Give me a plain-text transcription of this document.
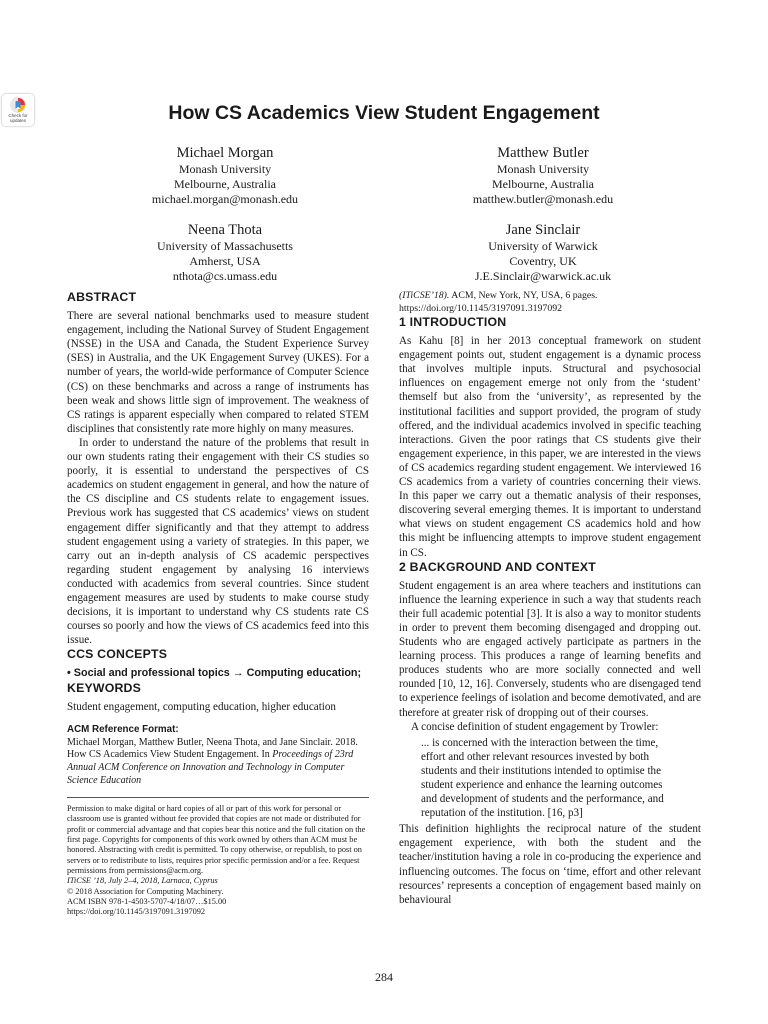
Check for updates	How CS Academics View Student Engagement
Michael Morgan
Monash University
Melbourne, Australia
michael.morgan@monash.edu
Matthew Butler
Monash University
Melbourne, Australia
matthew.butler@monash.edu
Neena Thota
University of Massachusetts
Amherst, USA
nthota@cs.umass.edu
Jane Sinclair
University of Warwick
Coventry, UK
J.E.Sinclair@warwick.ac.uk
ABSTRACT

There are several national benchmarks used to measure student engagement, including the National Survey of Student Engagement (NSSE) in the USA and Canada, the Student Experience Survey (SES) in Australia, and the UK Engagement Survey (UKES). For a number of years, the world-wide performance of Computer Science (CS) on these benchmarks and across a range of instruments has been weak and shows little sign of improvement. The weakness of CS ratings is apparent especially when compared to related STEM disciplines that consistently rate more highly on many measures.

In order to understand the nature of the problems that result in our own students rating their engagement with their CS studies so poorly, it is essential to understand the perspectives of CS academics on student engagement in general, and how the nature of the CS discipline and CS students relate to engagement issues. Previous work has suggested that CS academics’ views on student engagement differ significantly and that they attempt to address student engagement using a variety of strategies. In this paper, we carry out an in-depth analysis of CS academic perspectives regarding student engagement by analysing 16 interviews conducted with academics from several countries. Since student engagement measures are used by students to make course study decisions, it is important to understand why CS students rate CS courses so poorly and how the views of CS academics feed into this issue.

CCS CONCEPTS

• Social and professional topics → Computing education;

KEYWORDS

Student engagement, computing education, higher education

ACM Reference Format:
Michael Morgan, Matthew Butler, Neena Thota, and Jane Sinclair. 2018. How CS Academics View Student Engagement. In Proceedings of 23rd Annual ACM Conference on Innovation and Technology in Computer Science Education
Permission to make digital or hard copies of all or part of this work for personal or classroom use is granted without fee provided that copies are not made or distributed for profit or commercial advantage and that copies bear this notice and the full citation on the first page. Copyrights for components of this work owned by others than ACM must be honored. Abstracting with credit is permitted. To copy otherwise, or republish, to post on servers or to redistribute to lists, requires prior specific permission and/or a fee. Request permissions from permissions@acm.org.
ITiCSE ’18, July 2–4, 2018, Larnaca, Cyprus
© 2018 Association for Computing Machinery.
ACM ISBN 978-1-4503-5707-4/18/07…$15.00
https://doi.org/10.1145/3197091.3197092
(ITiCSE’18). ACM, New York, NY, USA, 6 pages. https://doi.org/10.1145/3197091.3197092
1 INTRODUCTION

As Kahu [8] in her 2013 conceptual framework on student engagement points out, student engagement is a dynamic process that involves multiple inputs. Structural and psychosocial influences on engagement emerge not only from the ‘student’ themself but also from the ‘university’, as represented by the institutional facilities and support provided, the program of study offered, and the individual academics involved in specific teaching interactions. Given the poor ratings that CS students give their engagement experience, in this paper, we are interested in the views of CS academics regarding student engagement. We interviewed 16 CS academics from a variety of countries concerning their views. In this paper we carry out a thematic analysis of their responses, discovering several emerging themes. It is important to understand what views on student engagement CS academics hold and how this might be influencing attempts to improve student engagement in CS.

2 BACKGROUND AND CONTEXT

Student engagement is an area where teachers and institutions can influence the learning experience in such a way that students reach their full academic potential [3]. It is also a way to monitor students in order to prevent them becoming disengaged and dropping out. Students who are engaged actively participate as partners in the learning process. This produces a range of learning benefits and produces students who are more socially connected and well rounded [10, 12, 16]. Conversely, students who are disengaged tend to experience feelings of isolation and become demotivated, and are therefore at greater risk of dropping out of their courses.

A concise definition of student engagement by Trowler:

... is concerned with the interaction between the time, effort and other relevant resources invested by both students and their institutions intended to optimise the student experience and enhance the learning outcomes and development of students and the performance, and reputation of the institution. [16, p3]

This definition highlights the reciprocal nature of the student engagement experience, with both the student and the teacher/institution having a role in co-producing the experience and influencing outcomes. The focus on ‘time, effort and other relevant resources’ represents a conception of engagement based mainly on behavioural

284
